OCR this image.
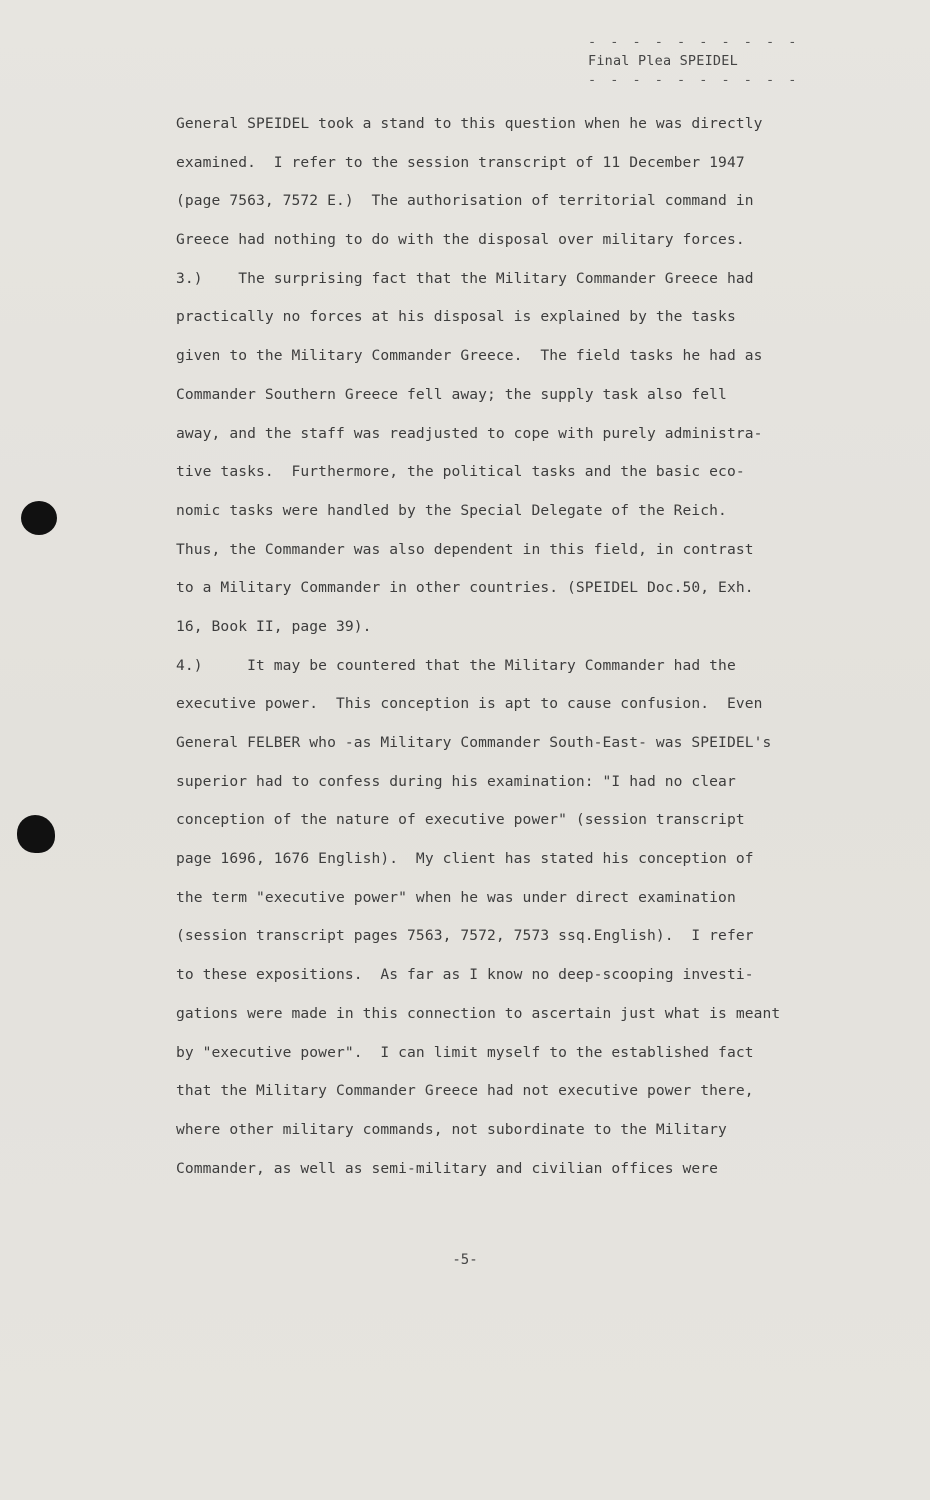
- - - - - - - - - -
Final Plea SPEIDEL
- - - - - - - - - -
General SPEIDEL took a stand to this question when he was directly
examined.  I refer to the session transcript of 11 December 1947
(page 7563, 7572 E.)  The authorisation of territorial command in
Greece had nothing to do with the disposal over military forces.
3.)    The surprising fact that the Military Commander Greece had
practically no forces at his disposal is explained by the tasks
given to the Military Commander Greece.  The field tasks he had as
Commander Southern Greece fell away; the supply task also fell
away, and the staff was readjusted to cope with purely administra-
tive tasks.  Furthermore, the political tasks and the basic eco-
nomic tasks were handled by the Special Delegate of the Reich.
Thus, the Commander was also dependent in this field, in contrast
to a Military Commander in other countries. (SPEIDEL Doc.50, Exh.
16, Book II, page 39).
4.)     It may be countered that the Military Commander had the
executive power.  This conception is apt to cause confusion.  Even
General FELBER who -as Military Commander South-East- was SPEIDEL's
superior had to confess during his examination: "I had no clear
conception of the nature of executive power" (session transcript
page 1696, 1676 English).  My client has stated his conception of
the term "executive power" when he was under direct examination
(session transcript pages 7563, 7572, 7573 ssq.English).  I refer
to these expositions.  As far as I know no deep-scooping investi-
gations were made in this connection to ascertain just what is meant
by "executive power".  I can limit myself to the established fact
that the Military Commander Greece had not executive power there,
where other military commands, not subordinate to the Military
Commander, as well as semi-military and civilian offices were
-5-
